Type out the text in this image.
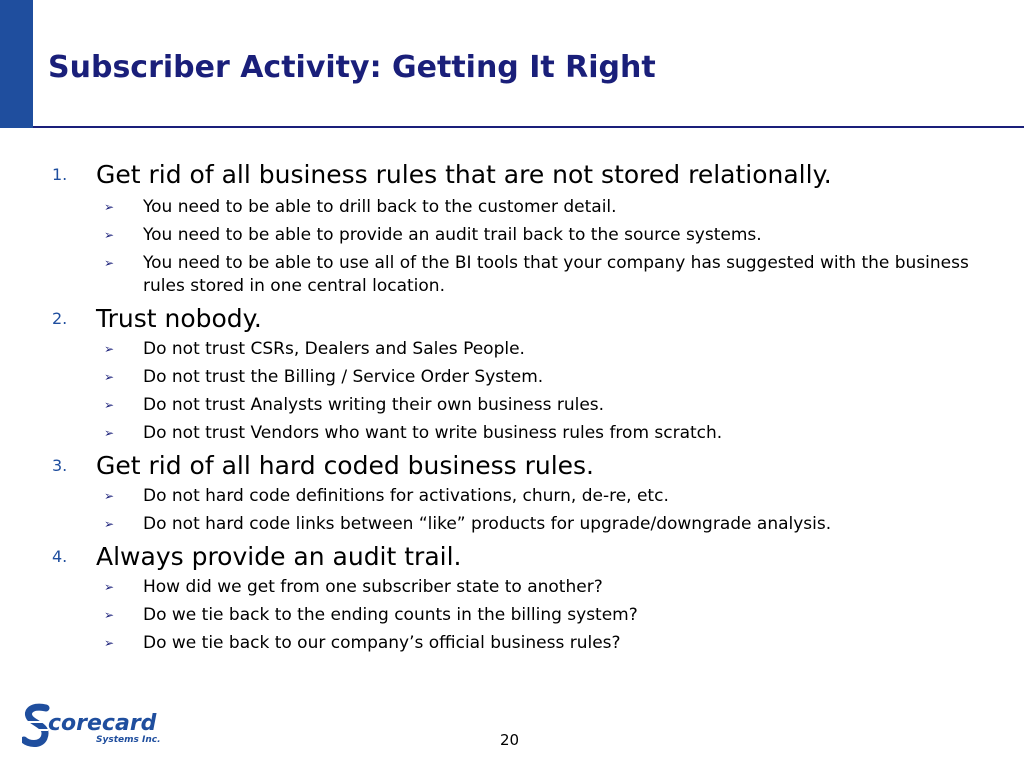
Subscriber Activity: Getting It Right
1.	Get rid of all business rules that are not stored relationally.
➢ You need to be able to drill back to the customer detail.
➢ You need to be able to provide an audit trail back to the source systems.
➢ You need to be able to use all of the BI tools that your company has suggested with the business rules stored in one central location.
2.	Trust nobody.
➢ Do not trust CSRs, Dealers and Sales People.
➢ Do not trust the Billing / Service Order System.
➢ Do not trust Analysts writing their own business rules.
➢ Do not trust Vendors who want to write business rules from scratch.
3.	Get rid of all hard coded business rules.
➢ Do not hard code definitions for activations, churn, de-re, etc.
➢ Do not hard code links between “like” products for upgrade/downgrade analysis.
4.	Always provide an audit trail.
➢ How did we get from one subscriber state to another?
➢ Do we tie back to the ending counts in the billing system?
➢ Do we tie back to our company’s official business rules?
corecard
Systems Inc.	20
